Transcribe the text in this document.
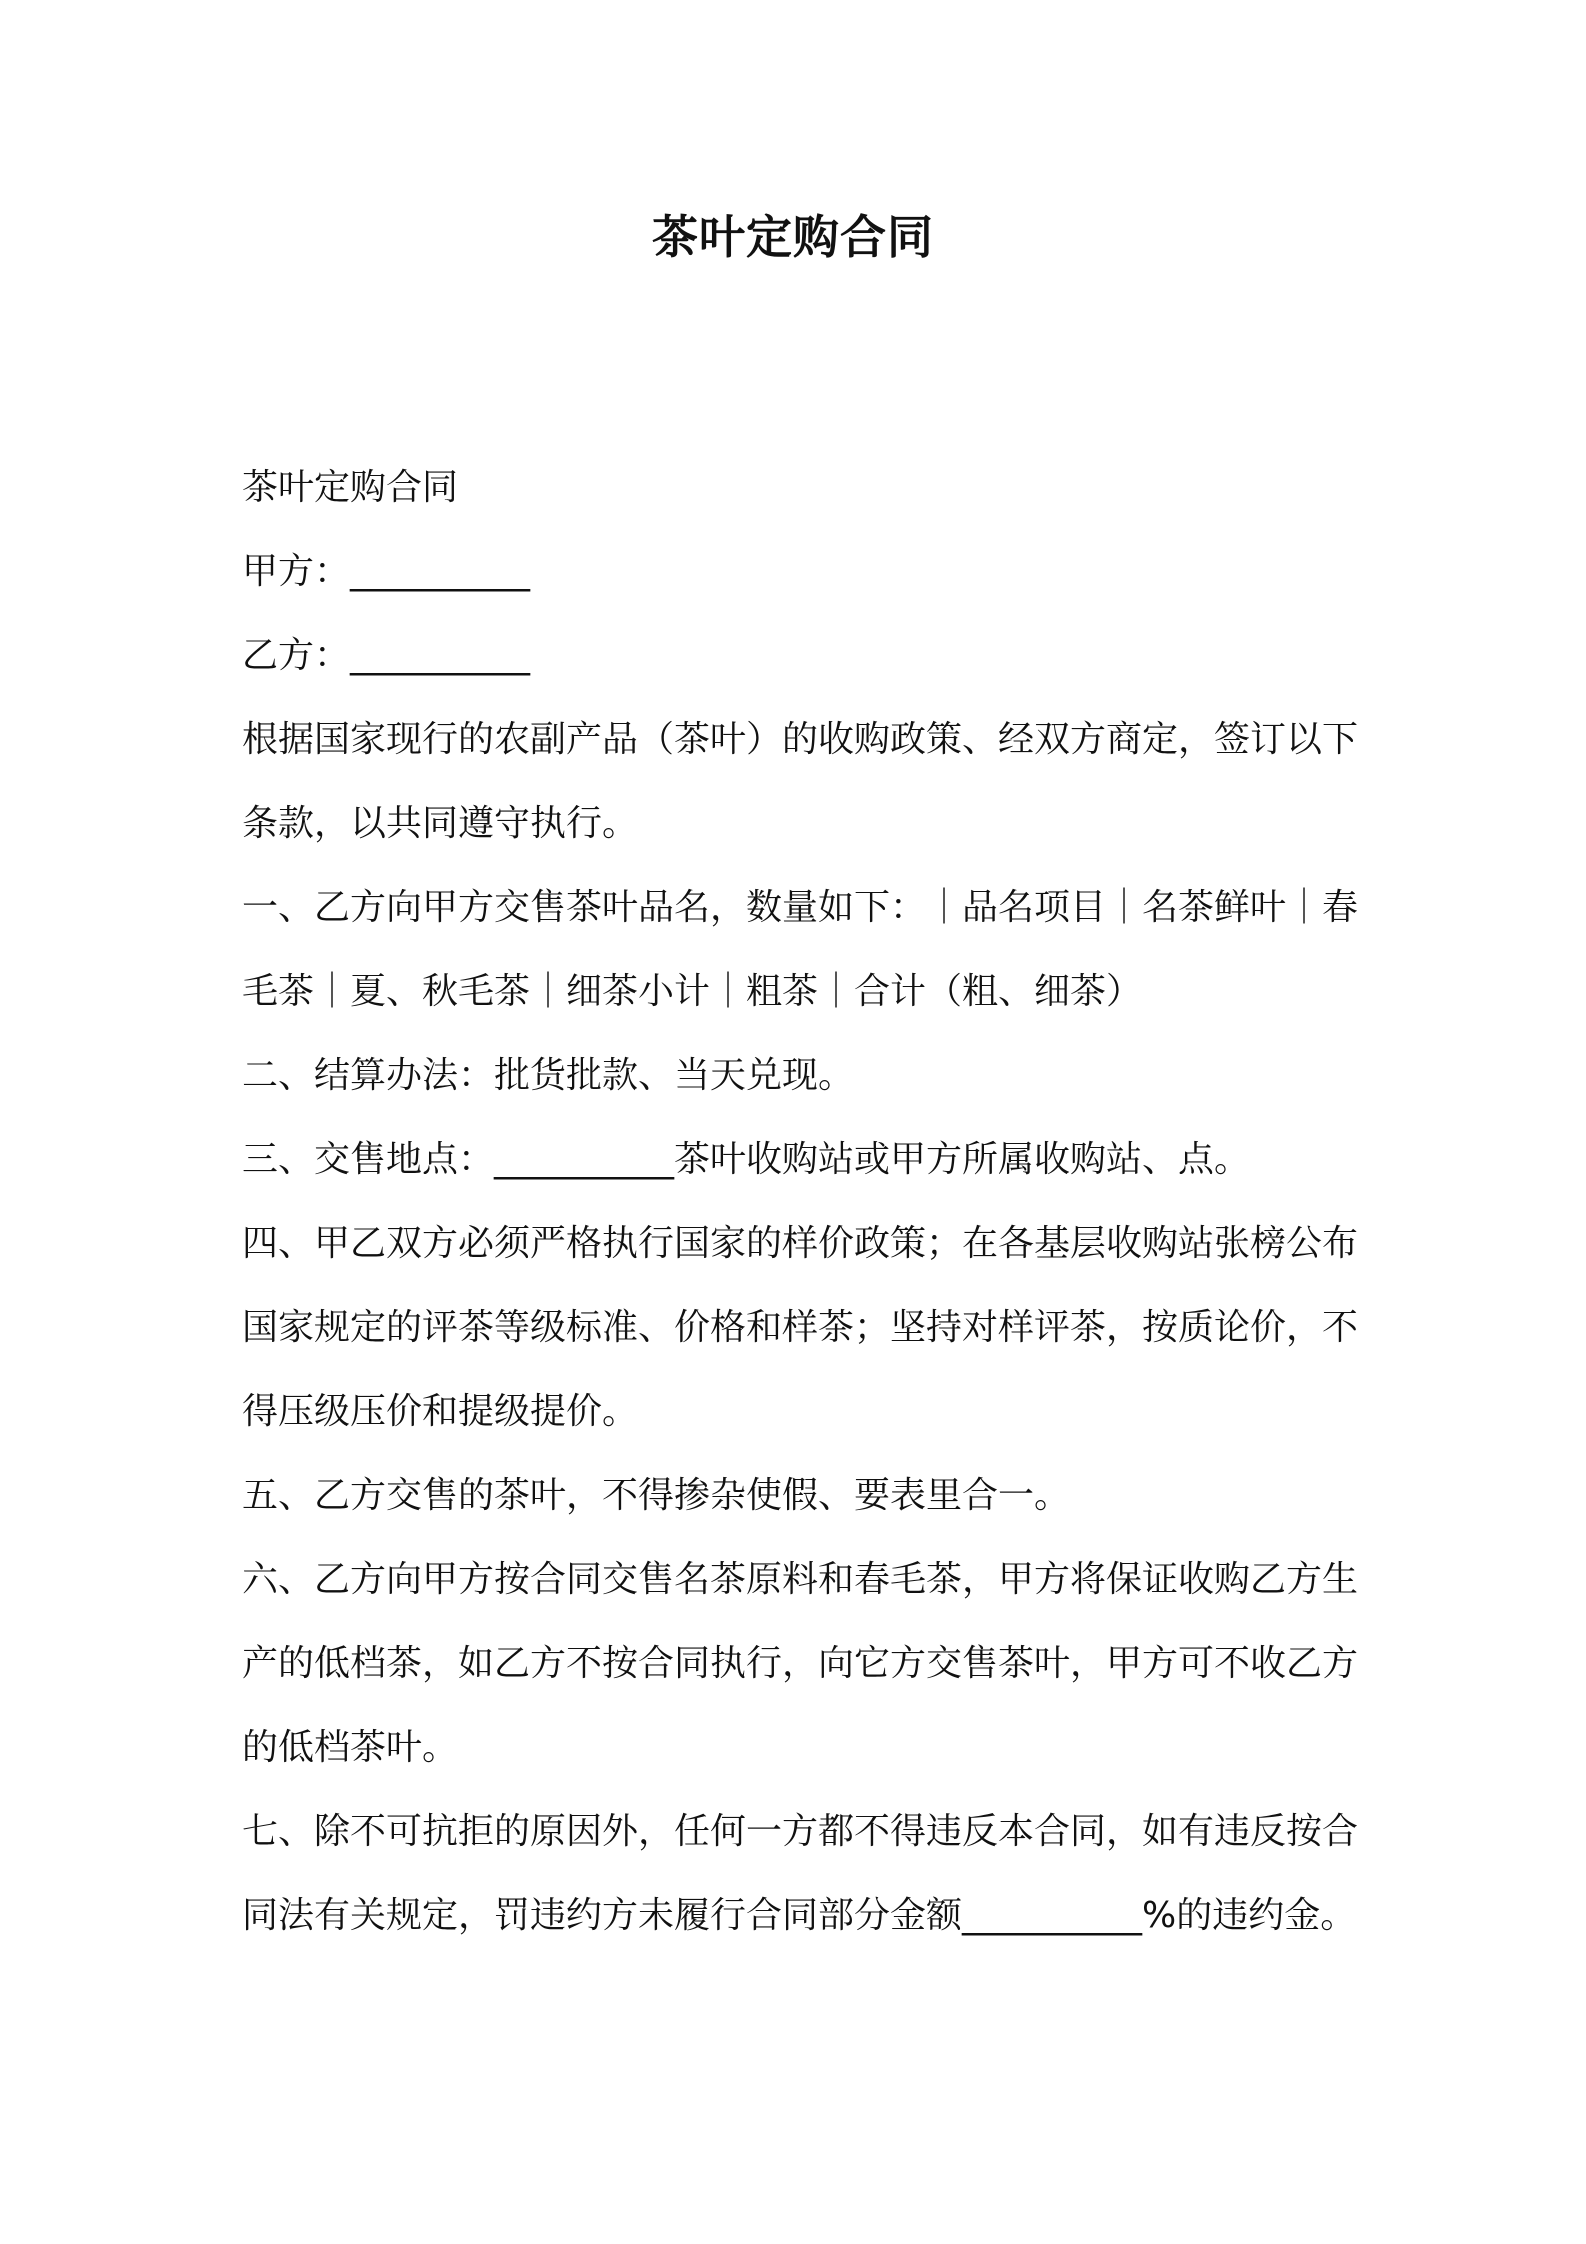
茶叶定购合同

茶叶定购合同

甲方：__________

乙方：__________

根据国家现行的农副产品（茶叶）的收购政策、经双方商定，签订以下条款，以共同遵守执行。

一、乙方向甲方交售茶叶品名，数量如下：｜品名项目｜名茶鲜叶｜春毛茶｜夏、秋毛茶｜细茶小计｜粗茶｜合计（粗、细茶）

二、结算办法：批货批款、当天兑现。

三、交售地点：__________茶叶收购站或甲方所属收购站、点。

四、甲乙双方必须严格执行国家的样价政策；在各基层收购站张榜公布国家规定的评茶等级标准、价格和样茶；坚持对样评茶，按质论价，不得压级压价和提级提价。

五、乙方交售的茶叶，不得掺杂使假、要表里合一。

六、乙方向甲方按合同交售名茶原料和春毛茶，甲方将保证收购乙方生产的低档茶，如乙方不按合同执行，向它方交售茶叶，甲方可不收乙方的低档茶叶。

七、除不可抗拒的原因外，任何一方都不得违反本合同，如有违反按合同法有关规定，罚违约方未履行合同部分金额__________%的违约金。
